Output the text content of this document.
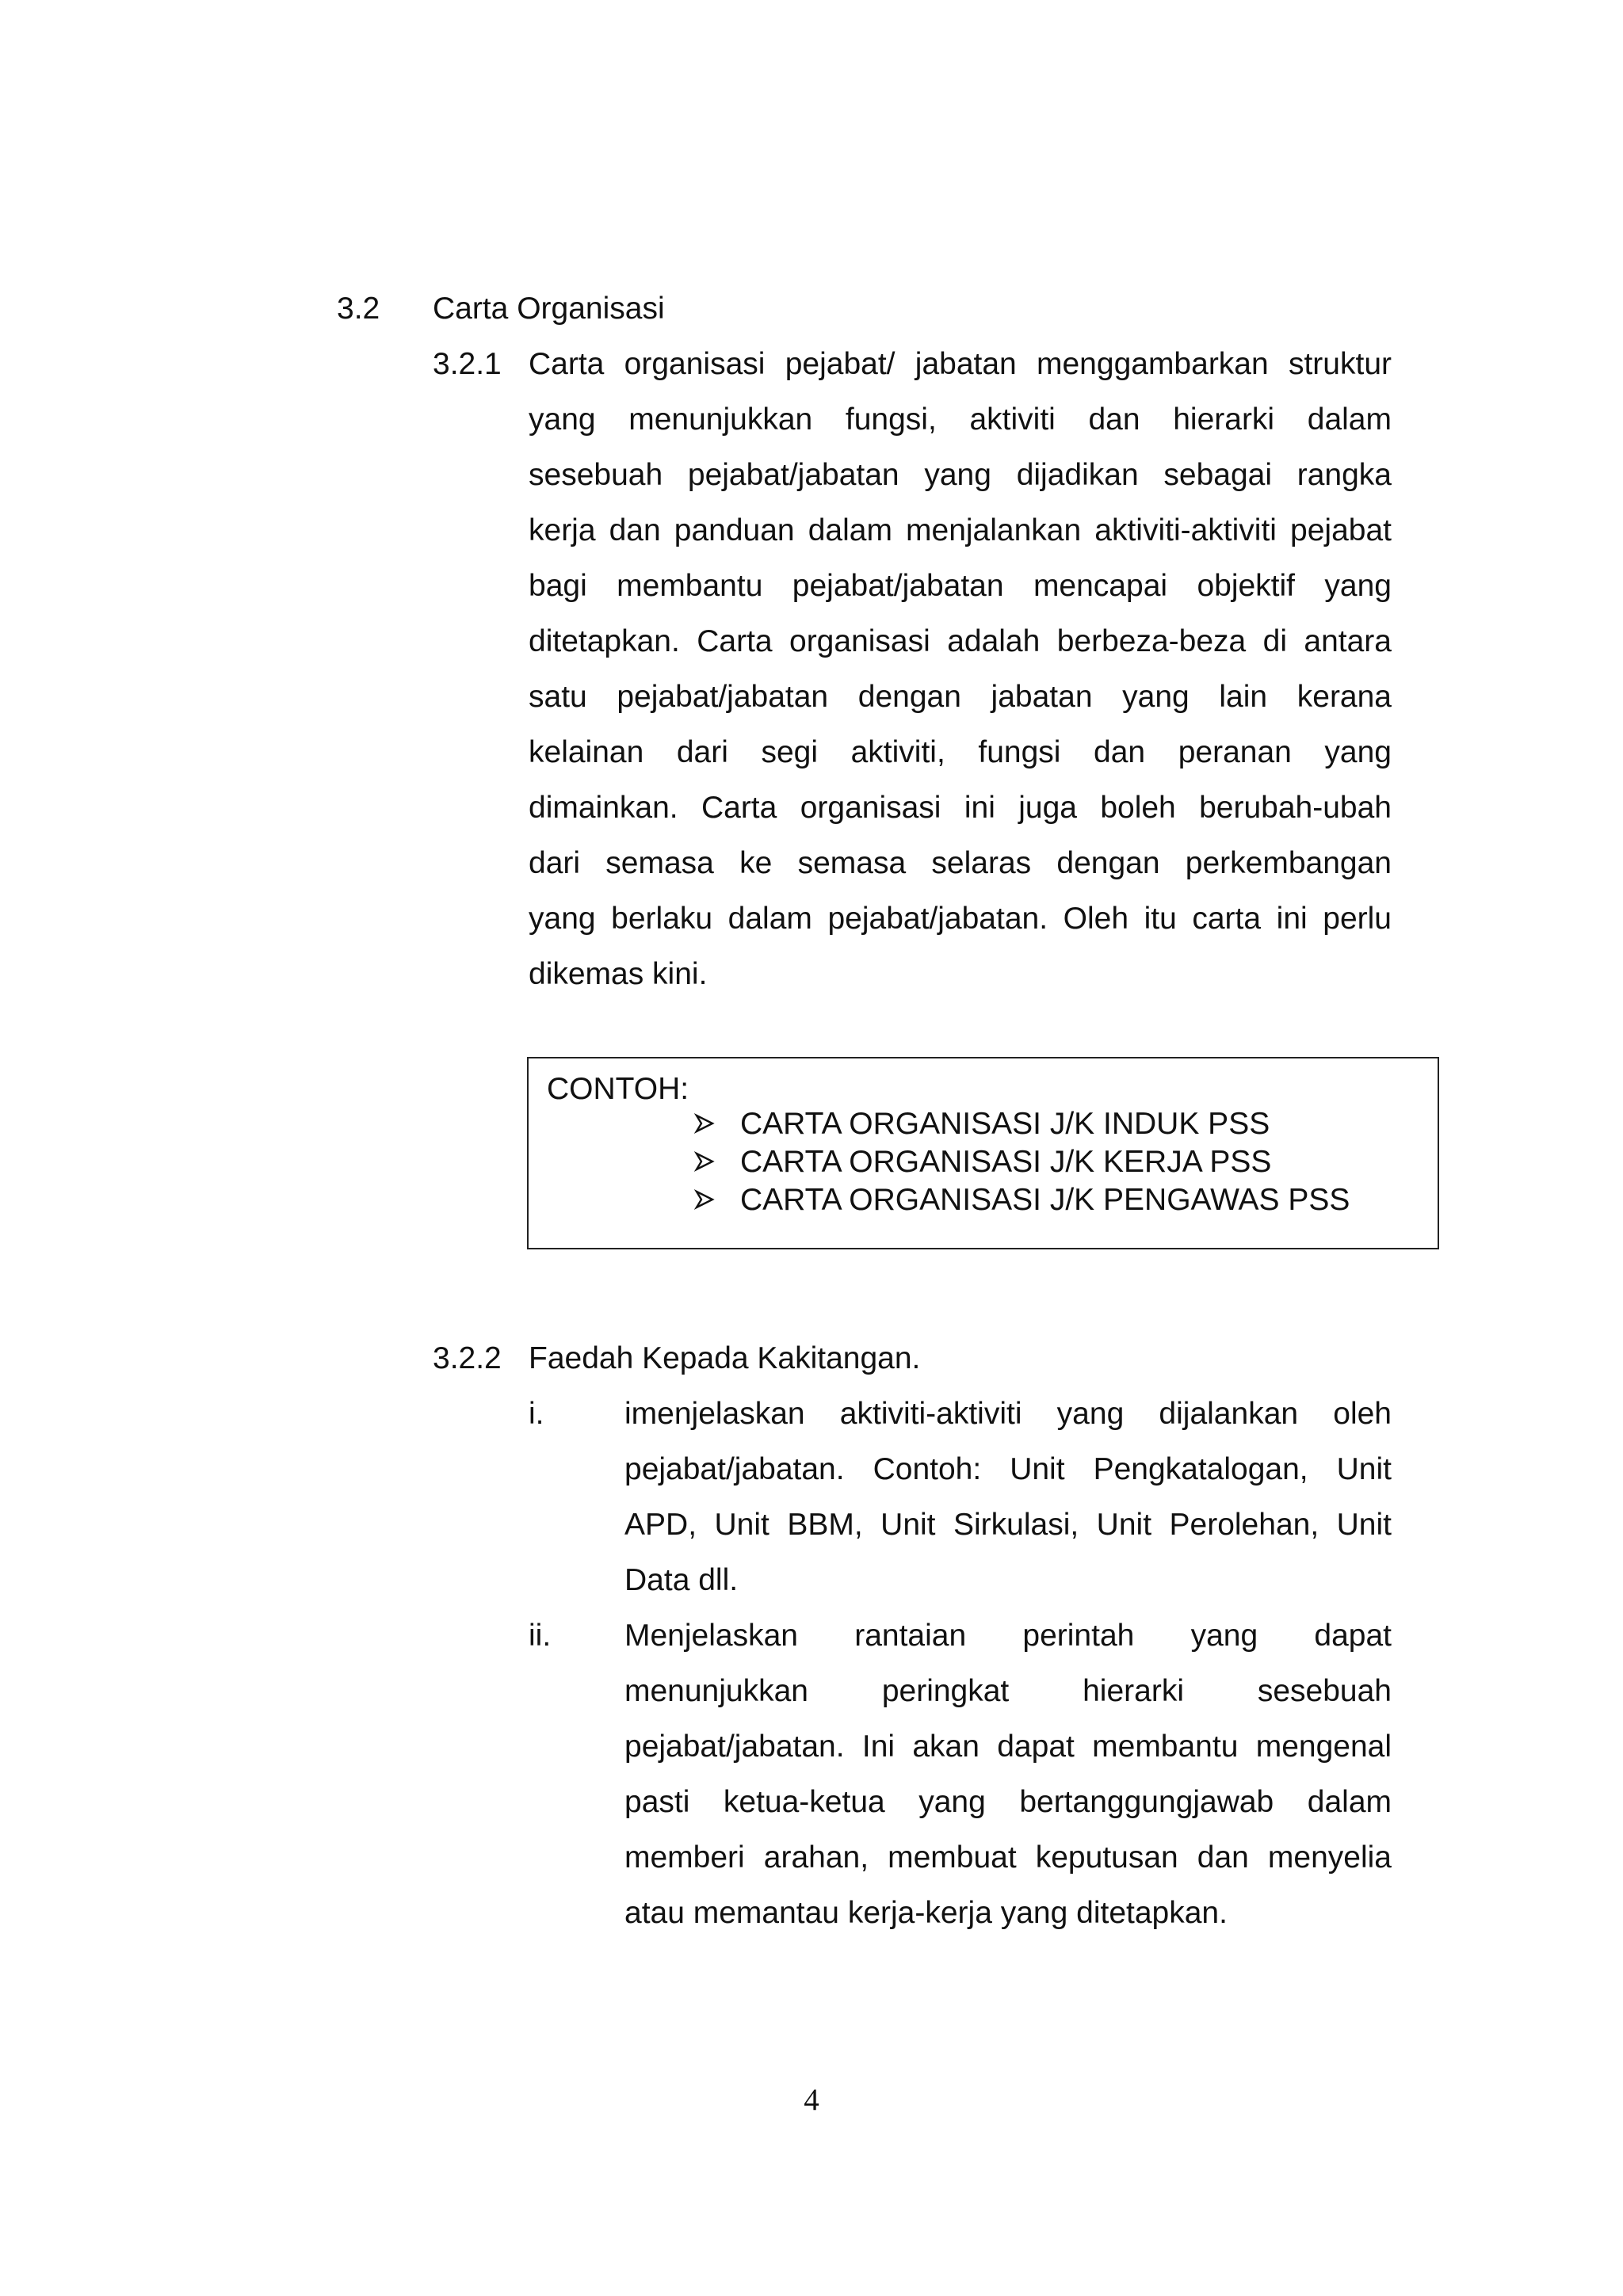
3.2 Carta Organisasi
3.2.1 Carta organisasi pejabat/ jabatan menggambarkan struktur
yang menunjukkan fungsi, aktiviti dan hierarki dalam
sesebuah pejabat/jabatan yang dijadikan sebagai rangka
kerja dan panduan dalam menjalankan aktiviti-aktiviti pejabat
bagi membantu pejabat/jabatan mencapai objektif yang
ditetapkan. Carta organisasi adalah berbeza-beza di antara
satu pejabat/jabatan dengan jabatan yang lain kerana
kelainan dari segi aktiviti, fungsi dan peranan yang
dimainkan. Carta organisasi ini juga boleh berubah-ubah
dari semasa ke semasa selaras dengan perkembangan
yang berlaku dalam pejabat/jabatan. Oleh itu carta ini perlu
dikemas kini.
CONTOH:
CARTA ORGANISASI J/K INDUK PSS
CARTA ORGANISASI J/K KERJA PSS
CARTA ORGANISASI J/K PENGAWAS PSS
3.2.2 Faedah Kepada Kakitangan.
i.	imenjelaskan aktiviti-aktiviti yang dijalankan oleh
pejabat/jabatan. Contoh: Unit Pengkatalogan, Unit
APD, Unit BBM, Unit Sirkulasi, Unit Perolehan, Unit
Data dll.
ii. Menjelaskan rantaian perintah yang dapat
menunjukkan peringkat hierarki sesebuah
pejabat/jabatan. Ini akan dapat membantu mengenal
pasti ketua-ketua yang bertanggungjawab dalam
memberi arahan, membuat keputusan dan menyelia
atau memantau kerja-kerja yang ditetapkan.
4
